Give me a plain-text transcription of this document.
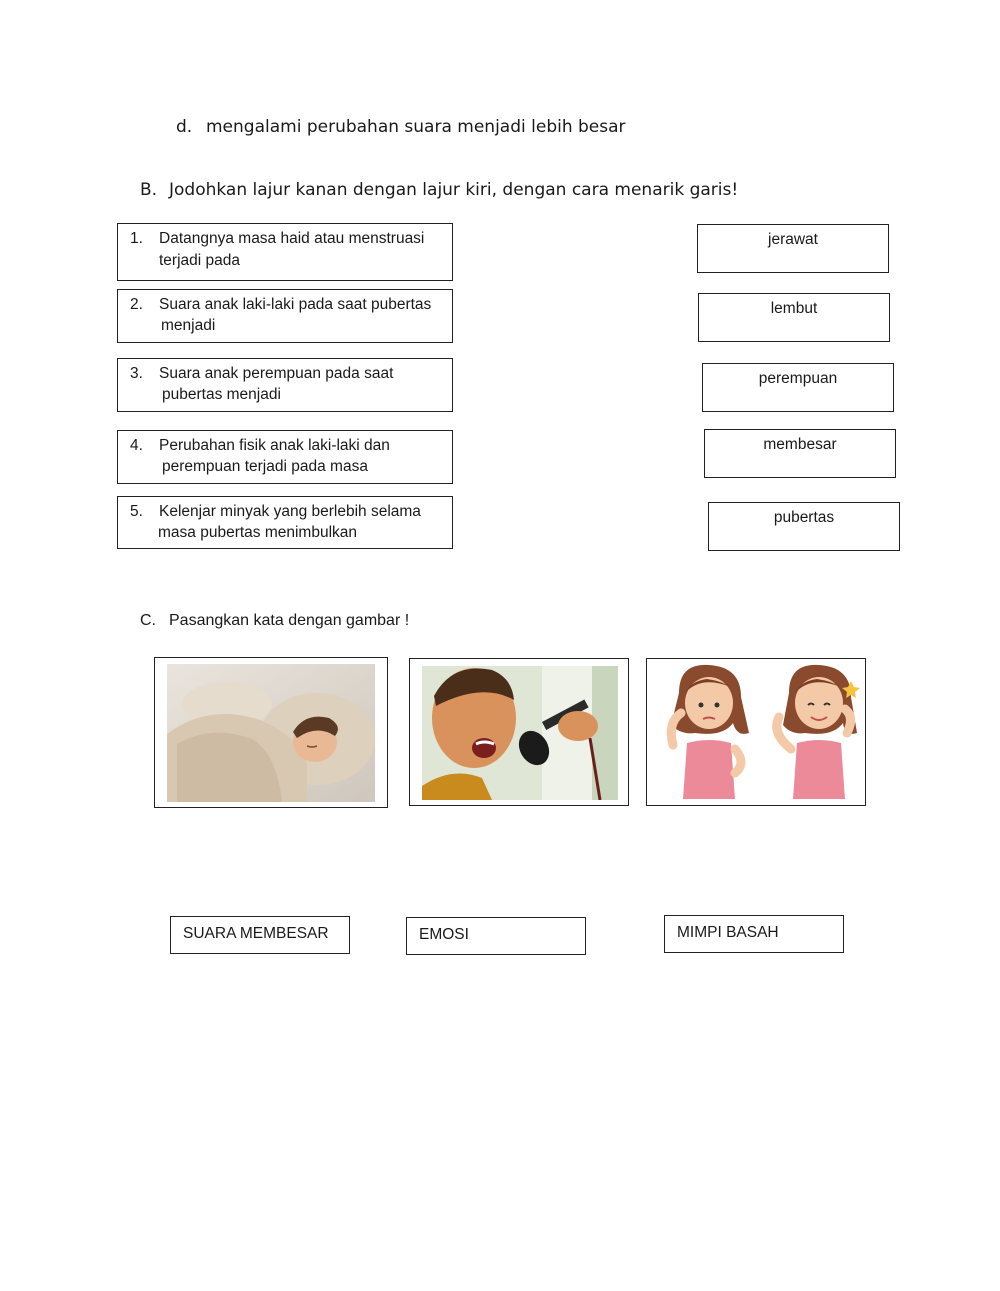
d. mengalami perubahan suara menjadi lebih besar
B. Jodohkan lajur kanan dengan lajur kiri, dengan cara menarik garis!
1. Datangnya masa haid atau menstruasi
terjadi pada
2. Suara anak laki-laki pada saat pubertas
menjadi
3. Suara anak perempuan pada saat
pubertas menjadi
4. Perubahan fisik anak laki-laki dan
perempuan terjadi pada masa
5. Kelenjar minyak yang berlebih selama
masa pubertas menimbulkan
jerawat
lembut
perempuan
membesar
pubertas
C. Pasangkan kata dengan gambar !
SUARA MEMBESAR	EMOSI	MIMPI BASAH
